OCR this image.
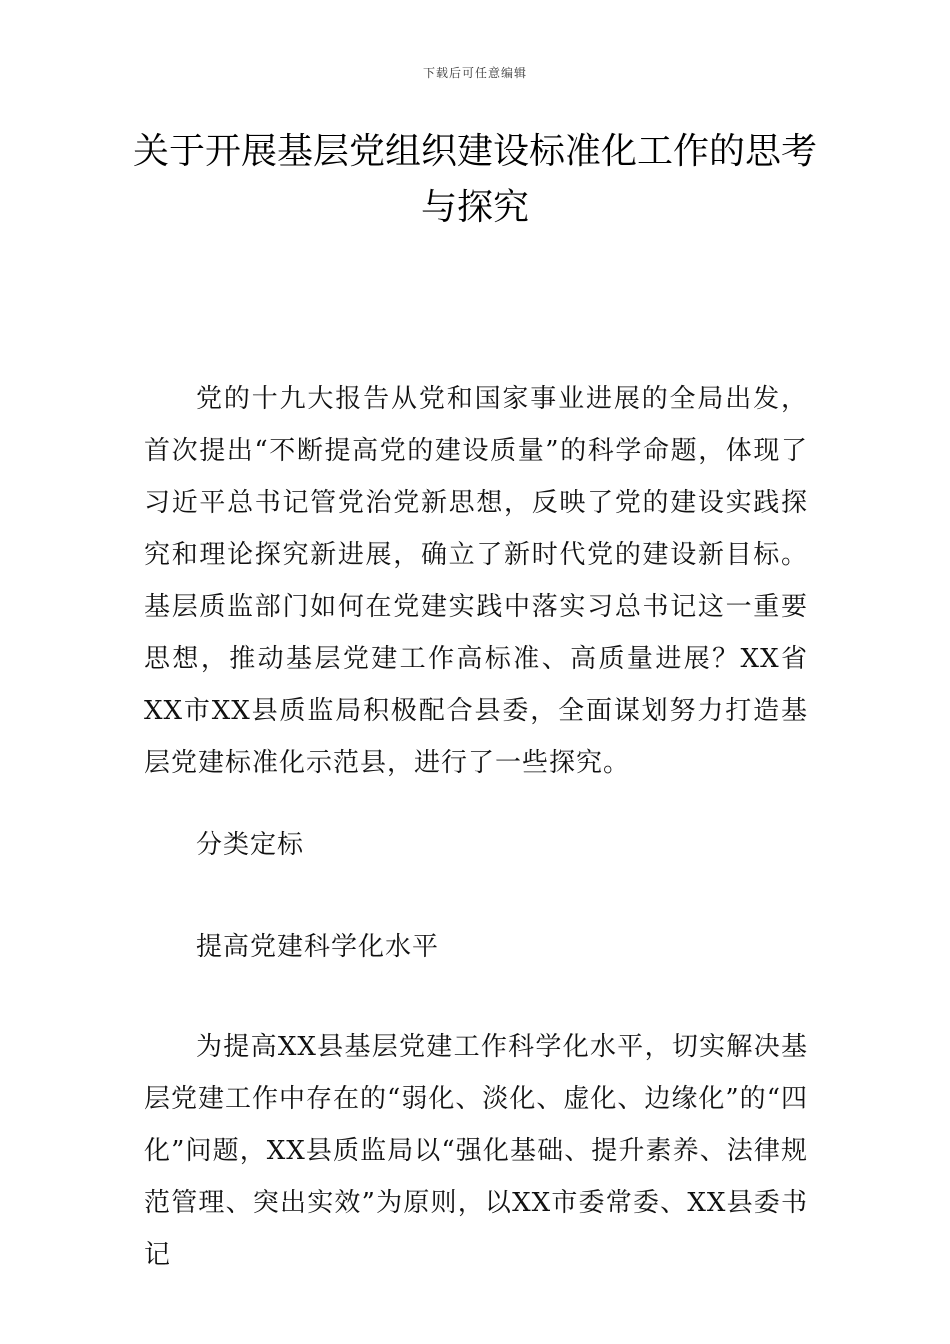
下载后可任意编辑
关于开展基层党组织建设标准化工作的思考与探究

党的十九大报告从党和国家事业进展的全局出发，首次提出“不断提高党的建设质量”的科学命题，体现了习近平总书记管党治党新思想，反映了党的建设实践探究和理论探究新进展，确立了新时代党的建设新目标。基层质监部门如何在党建实践中落实习总书记这一重要思想，推动基层党建工作高标准、高质量进展？XX省XX市XX县质监局积极配合县委，全面谋划努力打造基层党建标准化示范县，进行了一些探究。

分类定标

提高党建科学化水平

为提高XX县基层党建工作科学化水平，切实解决基层党建工作中存在的“弱化、淡化、虚化、边缘化”的“四化”问题，XX县质监局以“强化基础、提升素养、法律规范管理、突出实效”为原则，以XX市委常委、XX县委书记
